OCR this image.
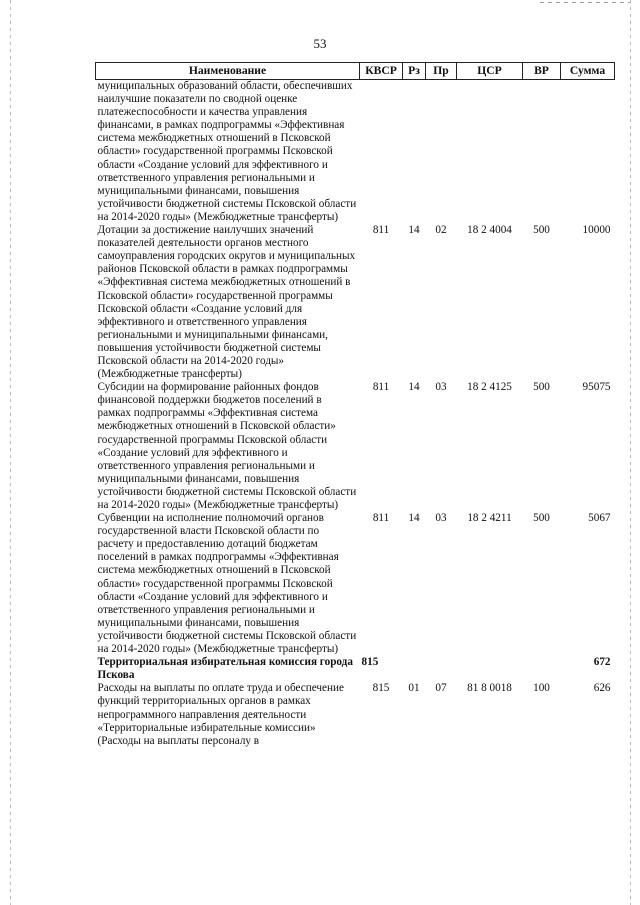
53
Наименование	КВСР	Рз	Пр	ЦСР	ВР	Сумма
муниципальных образований области, обеспечивших наилучшие показатели по сводной оценке платежеспособности и качества управления финансами, в рамках подпрограммы «Эффективная система межбюджетных отношений в Псковской области» государственной программы Псковской области «Создание условий для эффективного и ответственного управления региональными и муниципальными финансами, повышения устойчивости бюджетной системы Псковской области на 2014-2020 годы» (Межбюджетные трансферты)						
Дотации за достижение наилучших значений показателей деятельности органов местного самоуправления городских округов и муниципальных районов Псковской области в рамках подпрограммы «Эффективная система межбюджетных отношений в Псковской области» государственной программы Псковской области «Создание условий для эффективного и ответственного управления региональными и муниципальными финансами, повышения устойчивости бюджетной системы Псковской области на 2014-2020 годы» (Межбюджетные трансферты)	811	14	02	18 2 4004	500	10000
Субсидии на формирование районных фондов финансовой поддержки бюджетов поселений в рамках подпрограммы «Эффективная система межбюджетных отношений в Псковской области» государственной программы Псковской области «Создание условий для эффективного и ответственного управления региональными и муниципальными финансами, повышения устойчивости бюджетной системы Псковской области на 2014-2020 годы» (Межбюджетные трансферты)	811	14	03	18 2 4125	500	95075
Субвенции на исполнение полномочий органов государственной власти Псковской области по расчету и предоставлению дотаций бюджетам поселений в рамках подпрограммы «Эффективная система межбюджетных отношений в Псковской области» государственной программы Псковской области «Создание условий для эффективного и ответственного управления региональными и муниципальными финансами, повышения устойчивости бюджетной системы Псковской области на 2014-2020 годы» (Межбюджетные трансферты)	811	14	03	18 2 4211	500	5067
Территориальная избирательная комиссия города Пскова	815					672
Расходы на выплаты по оплате труда и обеспечение функций территориальных органов в рамках непрограммного направления деятельности «Территориальные избирательные комиссии» (Расходы на выплаты персоналу в	815	01	07	81 8 0018	100	626
